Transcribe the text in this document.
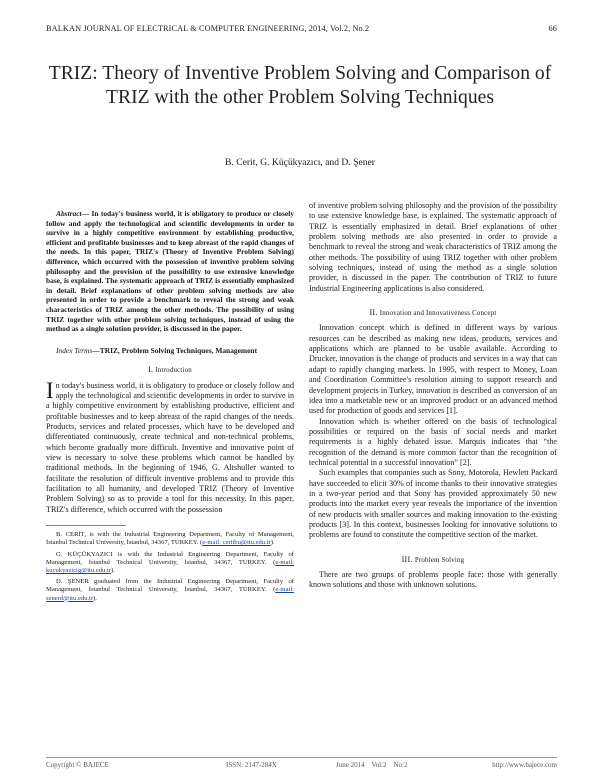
BALKAN JOURNAL OF ELECTRICAL & COMPUTER ENGINEERING, 2014, Vol.2, No.2	66
TRIZ: Theory of Inventive Problem Solving and Comparison of TRIZ with the other Problem Solving Techniques
B. Cerit, G. Küçükyazıcı, and D. Şener

Abstract— In today's business world, it is obligatory to produce or closely follow and apply the technological and scientific developments in order to survive in a highly competitive environment by establishing productive, efficient and profitable businesses and to keep abreast of the rapid changes of the needs. In this paper, TRIZ's (Theory of Inventive Problem Solving) difference, which occurred with the possession of inventive problem solving philosophy and the provision of the possibility to use extensive knowledge base, is explained. The systematic approach of TRIZ is essentially emphasized in detail. Brief explanations of other problem solving methods are also presented in order to provide a benchmark to reveal the strong and weak characteristics of TRIZ among the other methods. The possibility of using TRIZ together with other problem solving techniques, instead of using the method as a single solution provider, is discussed in the paper.

Index Terms—TRIZ, Problem Solving Techniques, Management

I. Introduction

In today's business world, it is obligatory to produce or closely follow and apply the technological and scientific developments in order to survive in a highly competitive environment by establishing productive, efficient and profitable businesses and to keep abreast of the rapid changes of the needs. Products, services and related processes, which have to be developed and differentiated continuously, create technical and non-technical problems, which become gradually more difficult. Inventive and innovative point of view is necessary to solve these problems which cannot be handled by traditional methods. In the beginning of 1946, G. Altshuller wanted to facilitate the resolution of difficult inventive problems and to provide this facilitation to all humanity, and developed TRIZ (Theory of Inventive Problem Solving) so as to provide a tool for this necessity. In this paper, TRIZ's difference, which occurred with the possession

B. CERİT, is with the Industrial Engineering Department, Faculty of Management, İstanbul Technical University, İstanbul, 34367, TURKEY. (e-mail: ceritbu@itu.edu.tr).

G. KÜÇÜKYAZICI is with the Industrial Engineering Department, Faculty of Management, İstanbul Technical University, İstanbul, 34367, TURKEY. (e-mail: kucukyazicig@itu.edu.tr).

D. ŞENER graduated from the Industrial Engineering Department, Faculty of Management, İstanbul Technical University, İstanbul, 34367, TURKEY. (e-mail: senerd@itu.edu.tr).

of inventive problem solving philosophy and the provision of the possibility to use extensive knowledge base, is explained. The systematic approach of TRIZ is essentially emphasized in detail. Brief explanations of other problem solving methods are also presented in order to provide a benchmark to reveal the strong and weak characteristics of TRIZ among the other methods. The possibility of using TRIZ together with other problem solving techniques, instead of using the method as a single solution provider, is discussed in the paper. The contribution of TRIZ to future Industrial Engineering applications is also considered.

II. Innovation and Innovativeness Concept

Innovation concept which is defined in different ways by various resources can be described as making new ideas, products, services and applications which are planned to be usable available. According to Drucker, innovation is the change of products and services in a way that can adapt to rapidly changing markets. In 1995, with respect to Money, Loan and Coordination Committee's resolution aiming to support research and development projects in Turkey, innovation is described as conversion of an idea into a marketable new or an improved product or an advanced method used for production of goods and services [1].

Innovation which is whether offered on the basis of technological possibilities or required on the basis of social needs and market requirements is a highly debated issue. Marquis indicates that “the recognition of the demand is more common factor than the recognition of technical potential in a successful innovation” [2].

Such examples that companies such as Sony, Motorola, Hewlett Packard have succeeded to elicit 30% of income thanks to their innovative strategies in a two-year period and that Sony has provided approximately 50 new products into the market every year reveals the importance of the invention of new products with smaller sources and making innovation to the existing products [3]. In this context, businesses looking for innovative solutions to problems are found to constitute the competitive section of the market.

III. Problem Solving

There are two groups of problems people face: those with generally known solutions and those with unknown solutions.

Copyright © BAJECE	ISSN: 2147-284X	June 2014    Vol:2    No:2	http://www.bajece.com
